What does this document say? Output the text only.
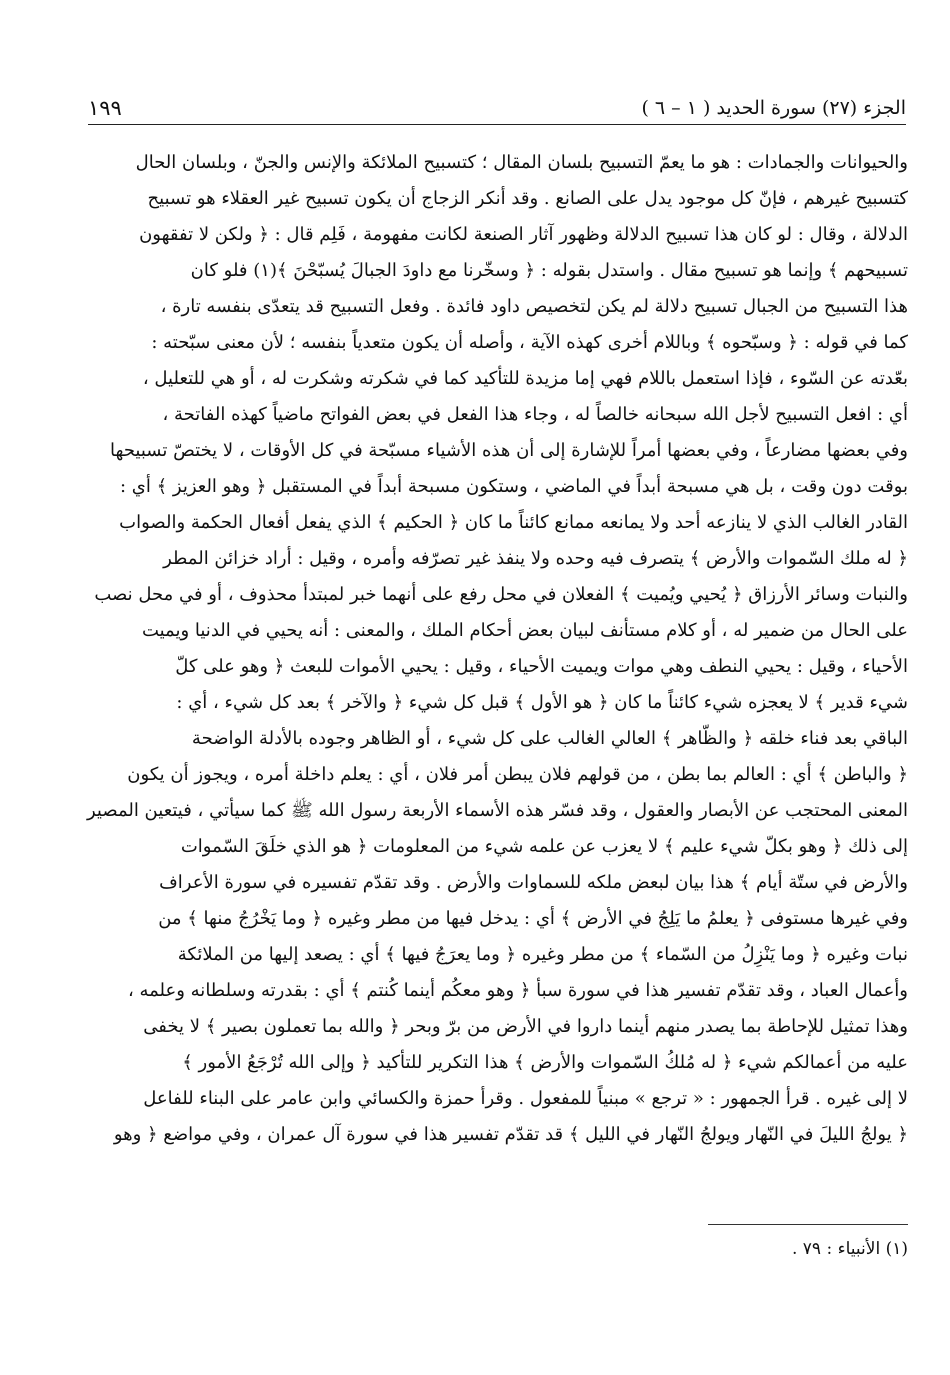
الجزء (٢٧) سورة الحديد ( ١ – ٦ )
١٩٩
والحيوانات والجمادات : هو ما يعمّ التسبيح بلسان المقال ؛ كتسبيح الملائكة والإنس والجنّ ، وبلسان الحال
كتسبيح غيرهم ، فإنّ كل موجود يدل على الصانع . وقد أنكر الزجاج أن يكون تسبيح غير العقلاء هو تسبيح
الدلالة ، وقال : لو كان هذا تسبيح الدلالة وظهور آثار الصنعة لكانت مفهومة ، فَلِم قال : ﴿ ولكن لا تفقهون
تسبيحهم ﴾ وإنما هو تسبيح مقال . واستدل بقوله : ﴿ وسخّرنا مع داودَ الجبالَ يُسبّحْنَ ﴾(١) فلو كان
هذا التسبيح من الجبال تسبيح دلالة لم يكن لتخصيص داود فائدة . وفعل التسبيح قد يتعدّى بنفسه تارة ،
كما في قوله : ﴿ وسبّحوه ﴾ وباللام أخرى كهذه الآية ، وأصله أن يكون متعدياً بنفسه ؛ لأن معنى سبّحته :
بعّدته عن السّوء ، فإذا استعمل باللام فهي إما مزيدة للتأكيد كما في شكرته وشكرت له ، أو هي للتعليل ،
أي : افعل التسبيح لأجل الله سبحانه خالصاً له ، وجاء هذا الفعل في بعض الفواتح ماضياً كهذه الفاتحة ،
وفي بعضها مضارعاً ، وفي بعضها أمراً للإشارة إلى أن هذه الأشياء مسبّحة في كل الأوقات ، لا يختصّ تسبيحها
بوقت دون وقت ، بل هي مسبحة أبداً في الماضي ، وستكون مسبحة أبداً في المستقبل ﴿ وهو العزيز ﴾ أي :
القادر الغالب الذي لا ينازعه أحد ولا يمانعه ممانع كائناً ما كان ﴿ الحكيم ﴾ الذي يفعل أفعال الحكمة والصواب
﴿ له ملك السّموات والأرض ﴾ يتصرف فيه وحده ولا ينفذ غير تصرّفه وأمره ، وقيل : أراد خزائن المطر
والنبات وسائر الأرزاق ﴿ يُحيي ويُميت ﴾ الفعلان في محل رفع على أنهما خبر لمبتدأ محذوف ، أو في محل نصب
على الحال من ضمير له ، أو كلام مستأنف لبيان بعض أحكام الملك ، والمعنى : أنه يحيي في الدنيا ويميت
الأحياء ، وقيل : يحيي النطف وهي موات ويميت الأحياء ، وقيل : يحيي الأموات للبعث ﴿ وهو على كلّ
شيء قدير ﴾ لا يعجزه شيء كائناً ما كان ﴿ هو الأول ﴾ قبل كل شيء ﴿ والآخر ﴾ بعد كل شيء ، أي :
الباقي بعد فناء خلقه ﴿ والظّاهر ﴾ العالي الغالب على كل شيء ، أو الظاهر وجوده بالأدلة الواضحة
﴿ والباطن ﴾ أي : العالم بما بطن ، من قولهم فلان يبطن أمر فلان ، أي : يعلم داخلة أمره ، ويجوز أن يكون
المعنى المحتجب عن الأبصار والعقول ، وقد فسّر هذه الأسماء الأربعة رسول الله ﷺ كما سيأتي ، فيتعين المصير
إلى ذلك ﴿ وهو بكلّ شيء عليم ﴾ لا يعزب عن علمه شيء من المعلومات ﴿ هو الذي خلَقَ السّموات
والأرض في ستّة أيام ﴾ هذا بيان لبعض ملكه للسماوات والأرض . وقد تقدّم تفسيره في سورة الأعراف
وفي غيرها مستوفى ﴿ يعلمُ ما يَلِجُ في الأرض ﴾ أي : يدخل فيها من مطر وغيره ﴿ وما يَخْرُجُ منها ﴾ من
نبات وغيره ﴿ وما يَنْزِلُ من السّماء ﴾ من مطر وغيره ﴿ وما يعرَجُ فيها ﴾ أي : يصعد إليها من الملائكة
وأعمال العباد ، وقد تقدّم تفسير هذا في سورة سبأ ﴿ وهو معكُم أينما كُنتم ﴾ أي : بقدرته وسلطانه وعلمه ،
وهذا تمثيل للإحاطة بما يصدر منهم أينما داروا في الأرض من برّ وبحر ﴿ والله بما تعملون بصير ﴾ لا يخفى
عليه من أعمالكم شيء ﴿ له مُلكُ السّموات والأرض ﴾ هذا التكرير للتأكيد ﴿ وإلى الله تُرْجَعُ الأمور ﴾
لا إلى غيره . قرأ الجمهور : « ترجع » مبنياً للمفعول . وقرأ حمزة والكسائي وابن عامر على البناء للفاعل
﴿ يولجُ الليلَ في النّهار ويولجُ النّهار في الليل ﴾ قد تقدّم تفسير هذا في سورة آل عمران ، وفي مواضع ﴿ وهو
(١) الأنبياء : ٧٩ .
